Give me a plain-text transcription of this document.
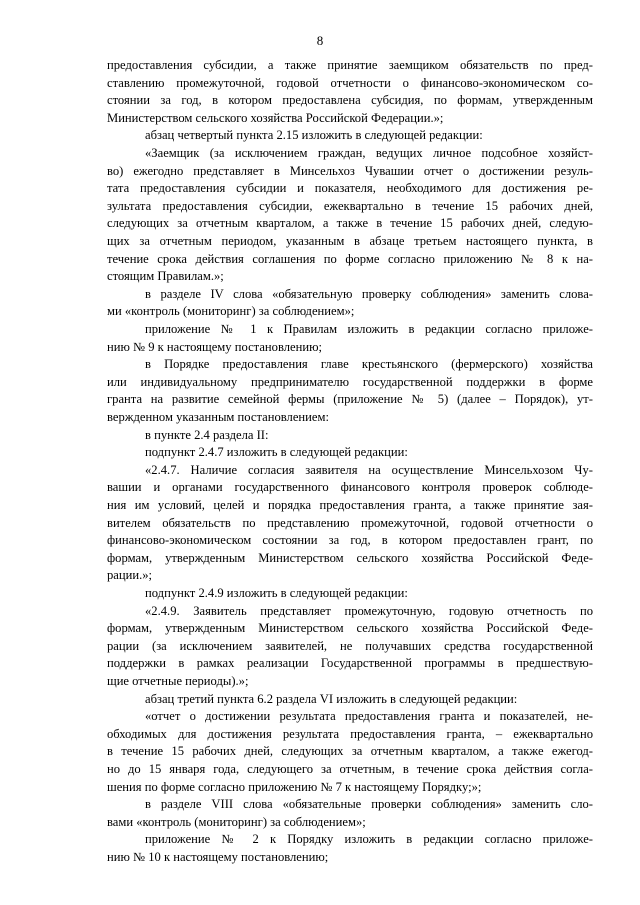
8
предоставления субсидии, а также принятие заемщиком обязательств по пред-
ставлению промежуточной, годовой отчетности о финансово-экономическом со-
стоянии за год, в котором предоставлена субсидия, по формам, утвержденным
Министерством сельского хозяйства Российской Федерации.»;
абзац четвертый пункта 2.15 изложить в следующей редакции:
«Заемщик (за исключением граждан, ведущих личное подсобное хозяйст-
во) ежегодно представляет в Минсельхоз Чувашии отчет о достижении резуль-
тата предоставления субсидии и показателя, необходимого для достижения ре-
зультата предоставления субсидии, ежеквартально в течение 15 рабочих дней,
следующих за отчетным кварталом, а также в течение 15 рабочих дней, следую-
щих за отчетным периодом, указанным в абзаце третьем настоящего пункта, в
течение срока действия соглашения по форме согласно приложению № 8 к на-
стоящим Правилам.»;
в разделе IV слова «обязательную проверку соблюдения» заменить слова-
ми «контроль (мониторинг) за соблюдением»;
приложение № 1 к Правилам изложить в редакции согласно приложе-
нию № 9 к настоящему постановлению;
в Порядке предоставления главе крестьянского (фермерского) хозяйства
или индивидуальному предпринимателю государственной поддержки в форме
гранта на развитие семейной фермы (приложение № 5) (далее – Порядок), ут-
вержденном указанным постановлением:
в пункте 2.4 раздела II:
подпункт 2.4.7 изложить в следующей редакции:
«2.4.7. Наличие согласия заявителя на осуществление Минсельхозом Чу-
вашии и органами государственного финансового контроля проверок соблюде-
ния им условий, целей и порядка предоставления гранта, а также принятие зая-
вителем обязательств по представлению промежуточной, годовой отчетности о
финансово-экономическом состоянии за год, в котором предоставлен грант, по
формам, утвержденным Министерством сельского хозяйства Российской Феде-
рации.»;
подпункт 2.4.9 изложить в следующей редакции:
«2.4.9. Заявитель представляет промежуточную, годовую отчетность по
формам, утвержденным Министерством сельского хозяйства Российской Феде-
рации (за исключением заявителей, не получавших средства государственной
поддержки в рамках реализации Государственной программы в предшествую-
щие отчетные периоды).»;
абзац третий пункта 6.2 раздела VI изложить в следующей редакции:
«отчет о достижении результата предоставления гранта и показателей, не-
обходимых для достижения результата предоставления гранта, – ежеквартально
в течение 15 рабочих дней, следующих за отчетным кварталом, а также ежегод-
но до 15 января года, следующего за отчетным, в течение срока действия согла-
шения по форме согласно приложению № 7 к настоящему Порядку;»;
в разделе VIII слова «обязательные проверки соблюдения» заменить сло-
вами «контроль (мониторинг) за соблюдением»;
приложение № 2 к Порядку изложить в редакции согласно приложе-
нию № 10 к настоящему постановлению;
